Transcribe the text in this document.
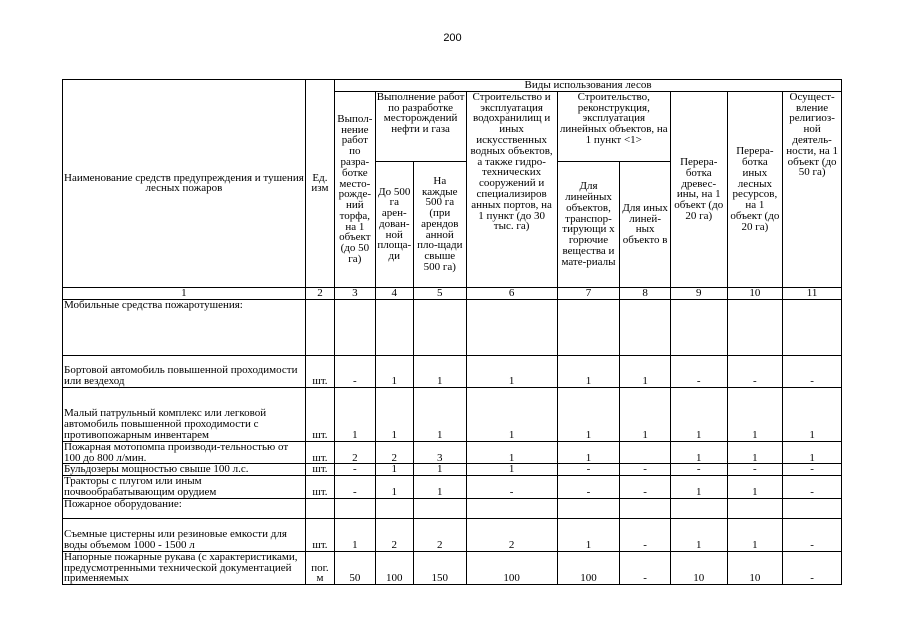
200
Наименование средств предупреждения и тушения лесных пожаров	Ед. изм	Виды использования лесов								
		Выпол-нение работ по разра-ботке место-рожде-ний торфа, на 1 объект (до 50 га)	Выполнение работ по разработке месторождений нефти и газа		Строительство и эксплуатация водохранилищ и иных искусственных водных объектов, а также гидро-технических сооружений и специализиров анных портов, на 1 пункт (до 30 тыс. га)	Строительство, реконструкция, эксплуатация линейных объектов, на 1 пункт <1>		Перера-ботка древес-ины, на 1 объект (до 20 га)	Перера-ботка иных лесных ресурсов, на 1 объект (до 20 га)	Осущест-вление религиоз-ной деятель-ности, на 1 объект (до 50 га)
			До 500 га арен-дован-ной площа-ди	На каждые 500 га (при арендов анной пло-щади свыше 500 га)		Для линейных объектов, транспор-тирующи х горючие вещества и мате-риалы	Для иных линей-ных объекто в			
1	2	3	4	5	6	7	8	9	10	11
Мобильные средства пожаротушения:										
Бортовой автомобиль повышенной проходимости или вездеход	шт.	-	1	1	1	1	1	-	-	-
Малый патрульный комплекс или легковой автомобиль повышенной проходимости с противопожарным инвентарем	шт.	1	1	1	1	1	1	1	1	1
Пожарная мотопомпа производи-тельностью от 100 до 800 л/мин.	шт.	2	2	3	1	1		1	1	1
Бульдозеры мощностью свыше 100 л.с.	шт.	-	1	1	1	-	-	-	-	-
Тракторы с плугом или иным почвообрабатывающим орудием	шт.	-	1	1	-	-	-	1	1	-
Пожарное оборудование:										
Съемные цистерны или резиновые емкости для воды объемом 1000 - 1500 л	шт.	1	2	2	2	1	-	1	1	-
Напорные пожарные рукава (с характеристиками, предусмотренными технической документацией применяемых	пог. м	50	100	150	100	100	-	10	10	-
